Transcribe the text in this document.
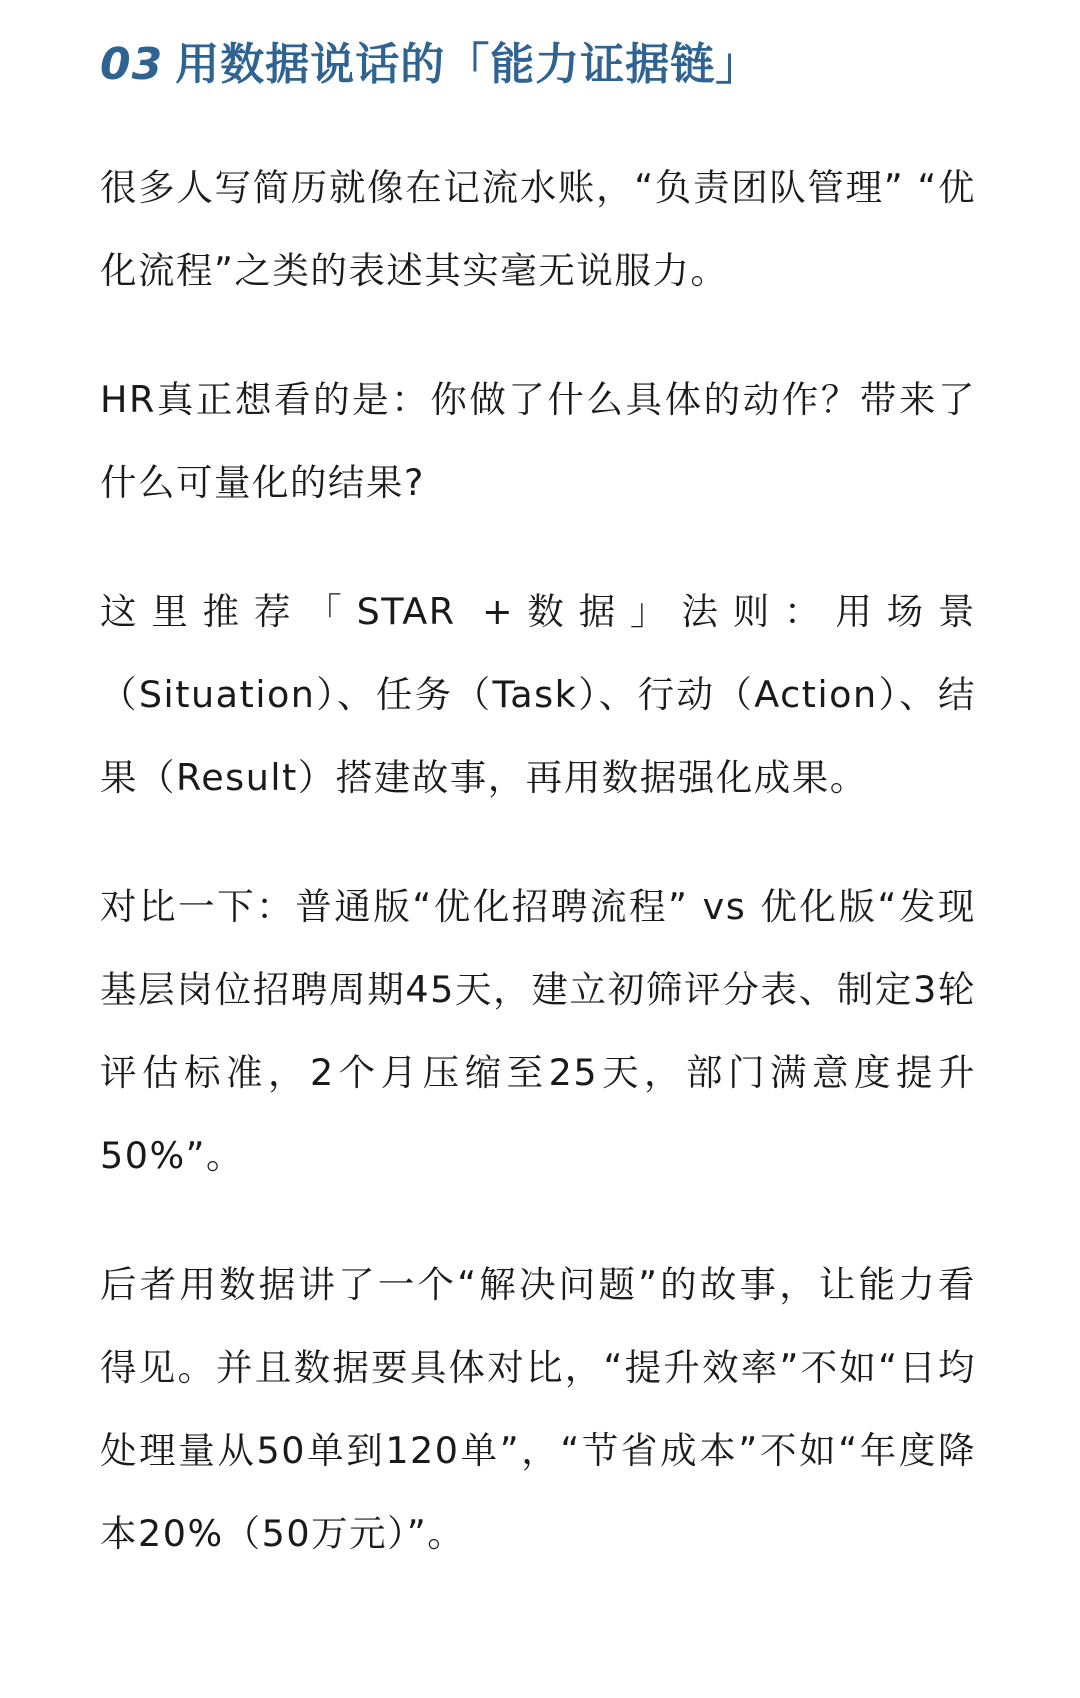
03 用数据说话的「能力证据链」

很多人写简历就像在记流水账，“负责团队管理” “优化流程”之类的表述其实毫无说服力。

HR真正想看的是：你做了什么具体的动作？带来了什么可量化的结果?

这里推荐「STAR +数据」法则：用场景（Situation）、任务（Task）、行动（Action）、结果（Result）搭建故事，再用数据强化成果。

对比一下：普通版“优化招聘流程” vs 优化版“发现基层岗位招聘周期45天，建立初筛评分表、制定3轮评估标准，2个月压缩至25天，部门满意度提升50%”。

后者用数据讲了一个“解决问题”的故事，让能力看得见。并且数据要具体对比，“提升效率”不如“日均处理量从50单到120单”，“节省成本”不如“年度降本20%（50万元）”。
